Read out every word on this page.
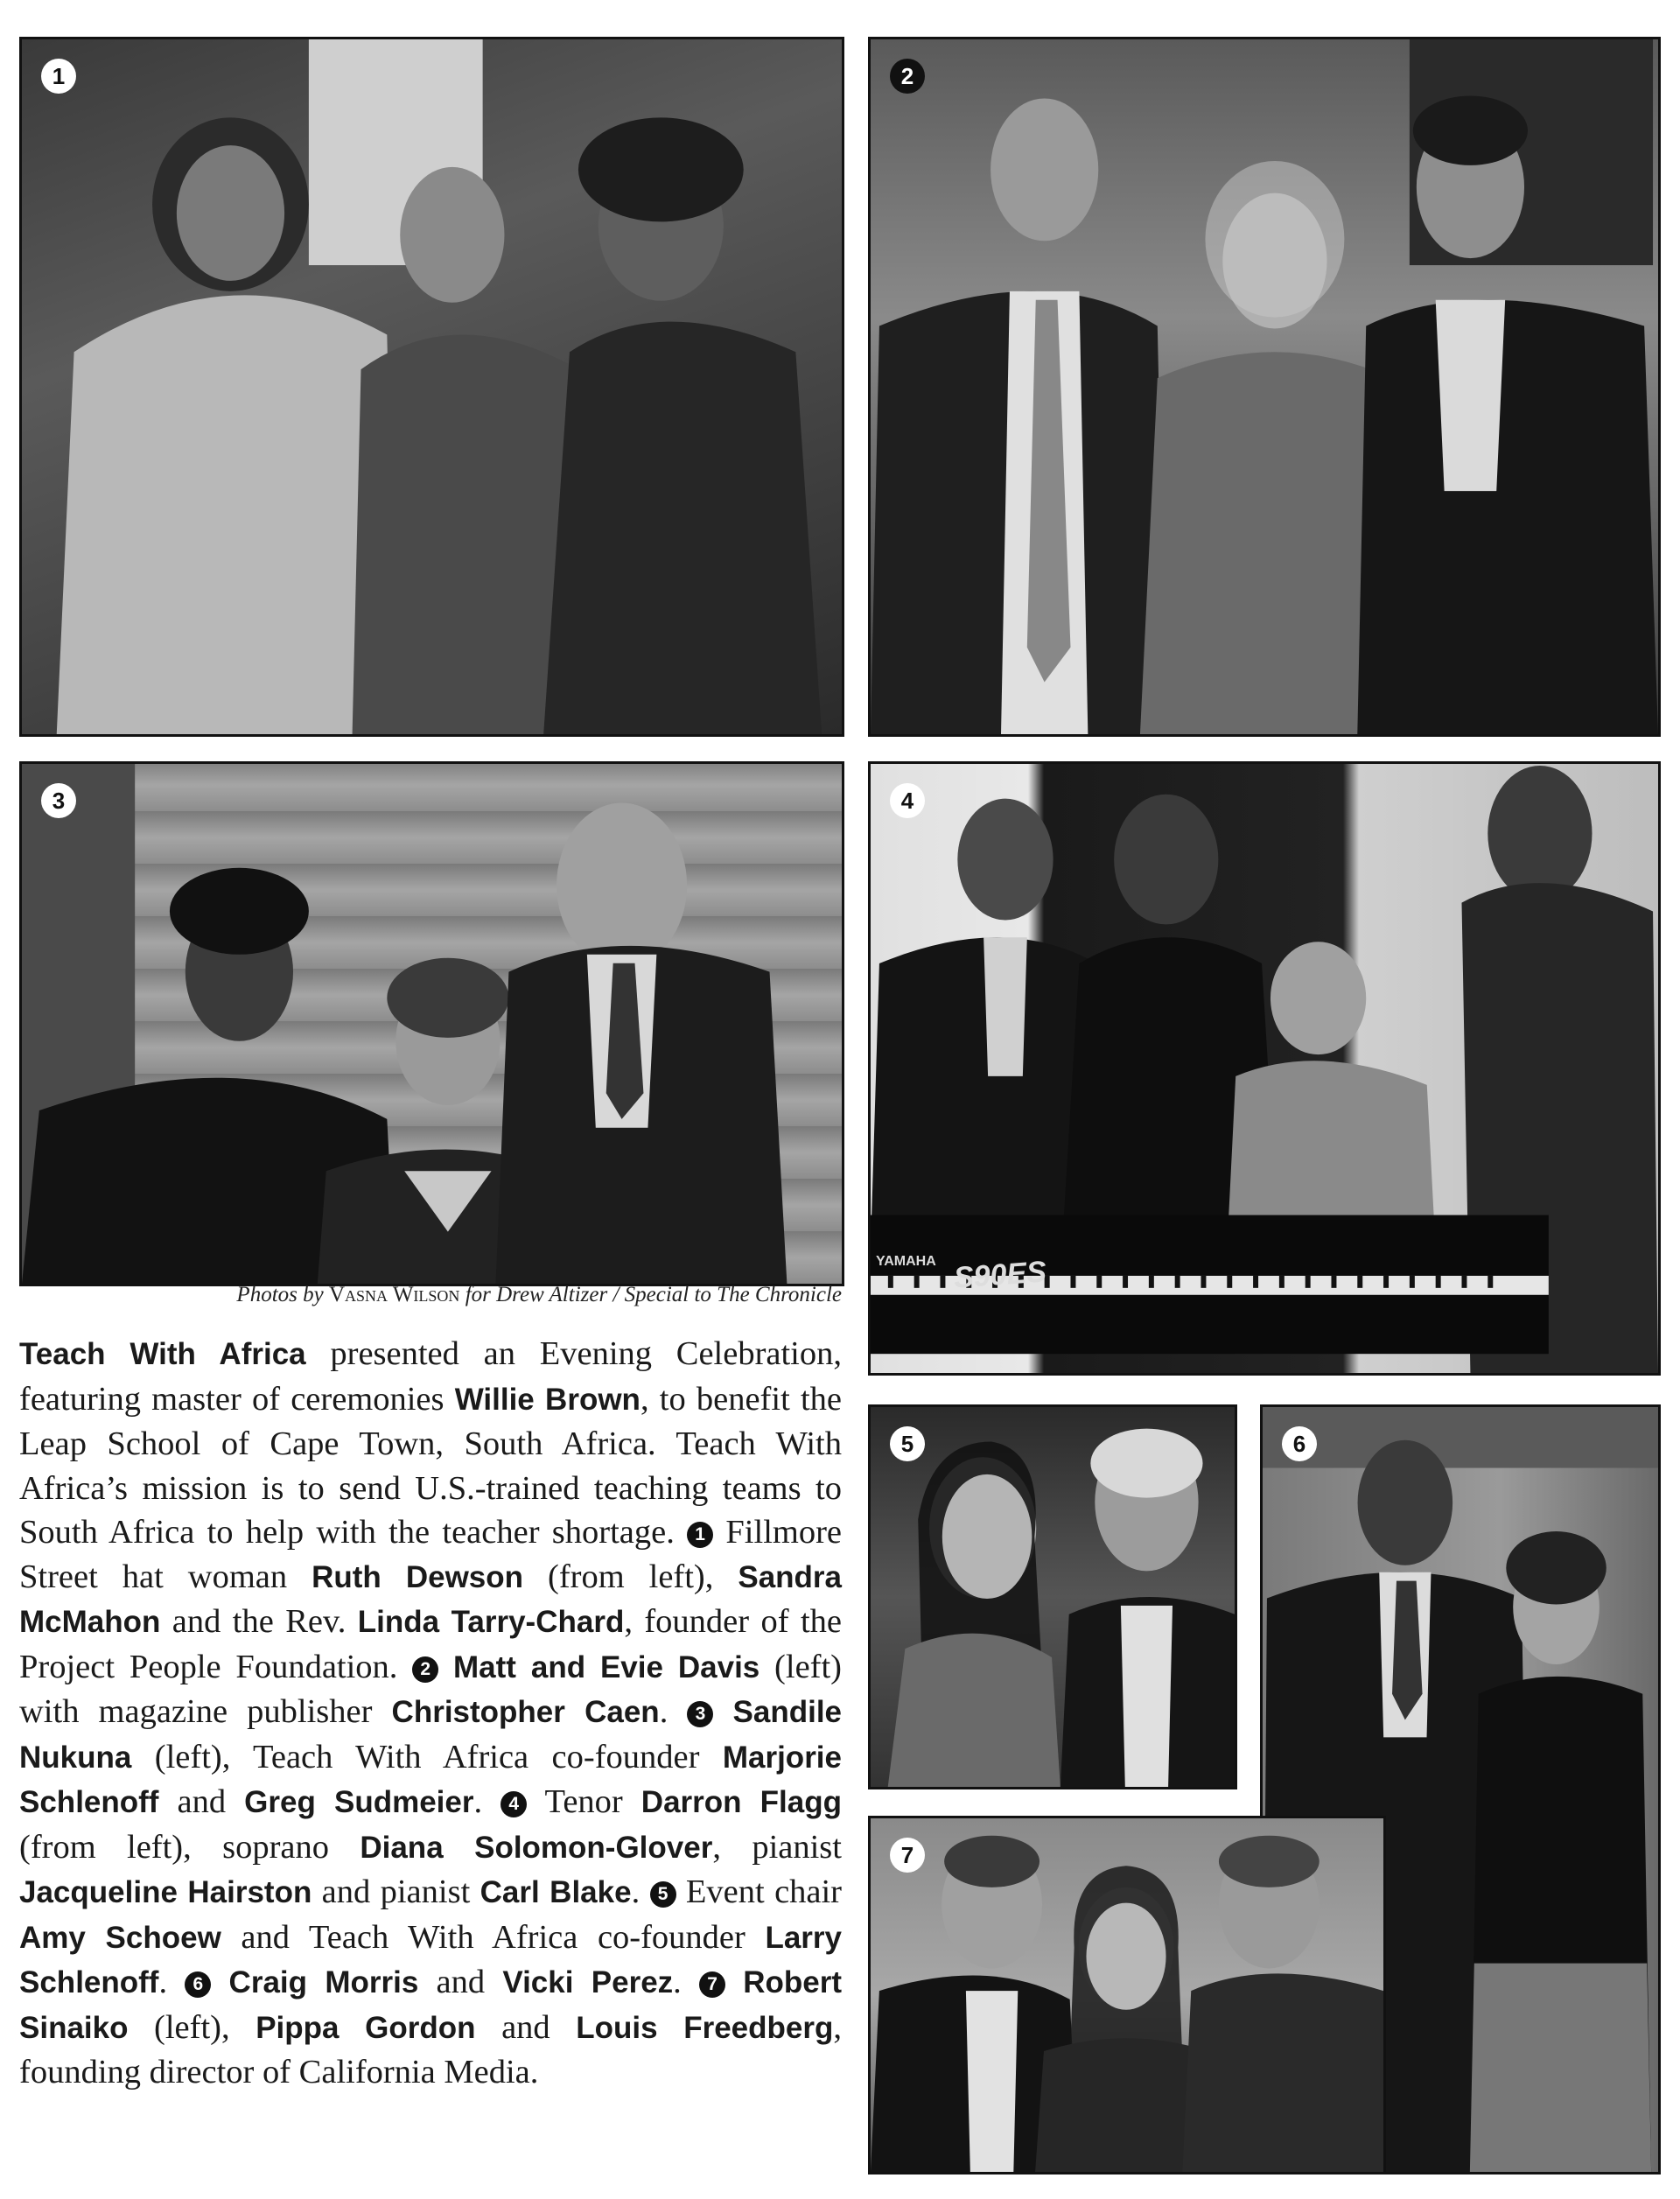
1	2
3
Photos by Vasna Wilson for Drew Altizer / Special to The Chronicle
4
YAMAHA S90ES
5	6
7
Teach With Africa presented an Evening Celebration, featuring master of ceremonies Willie Brown, to benefit the Leap School of Cape Town, South Africa. Teach With Africa’s mission is to send U.S.-trained teaching teams to South Africa to help with the teacher shortage. 1 Fillmore Street hat woman Ruth Dewson (from left), Sandra McMahon and the Rev. Linda Tarry-Chard, founder of the Project People Foundation. 2 Matt and Evie Davis (left) with magazine publisher Christopher Caen. 3 Sandile Nukuna (left), Teach With Africa co-founder Marjorie Schlenoff and Greg Sudmeier. 4 Tenor Darron Flagg (from left), soprano Diana Solomon-Glover, pianist Jacqueline Hairston and pianist Carl Blake. 5 Event chair Amy Schoew and Teach With Africa co-founder Larry Schlenoff. 6 Craig Morris and Vicki Perez. 7 Robert Sinaiko (left), Pippa Gordon and Louis Freedberg, founding director of California Media.
